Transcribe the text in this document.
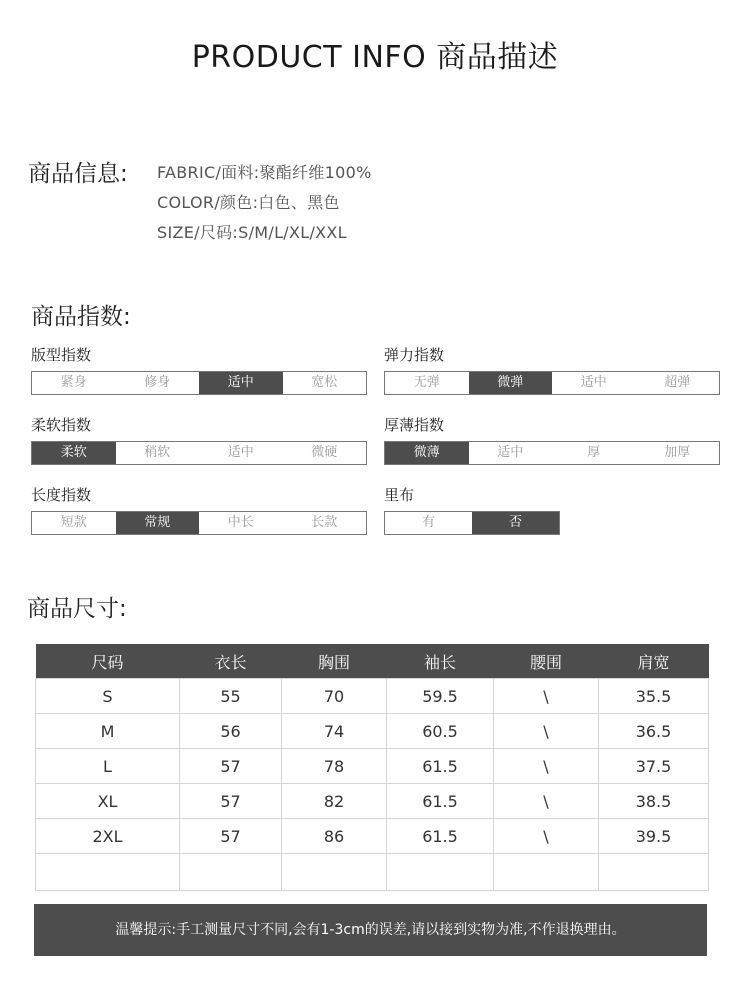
PRODUCT INFO 商品描述
商品信息: FABRIC/面料:聚酯纤维100%
COLOR/颜色:白色、黑色
SIZE/尺码:S/M/L/XL/XXL
商品指数:
版型指数
紧身	修身	适中	宽松
弹力指数
无弹	微弹	适中	超弹
柔软指数
柔软	稍软	适中	微硬
厚薄指数
微薄	适中	厚	加厚
长度指数
短款	常规	中长	长款
里布
有	否
商品尺寸:
尺码	衣长	胸围	袖长	腰围	肩宽
S	55	70	59.5	\	35.5
M	56	74	60.5	\	36.5
L	57	78	61.5	\	37.5
XL	57	82	61.5	\	38.5
2XL	57	86	61.5	\	39.5

温馨提示:手工测量尺寸不同,会有1-3cm的误差,请以接到实物为准,不作退换理由。
